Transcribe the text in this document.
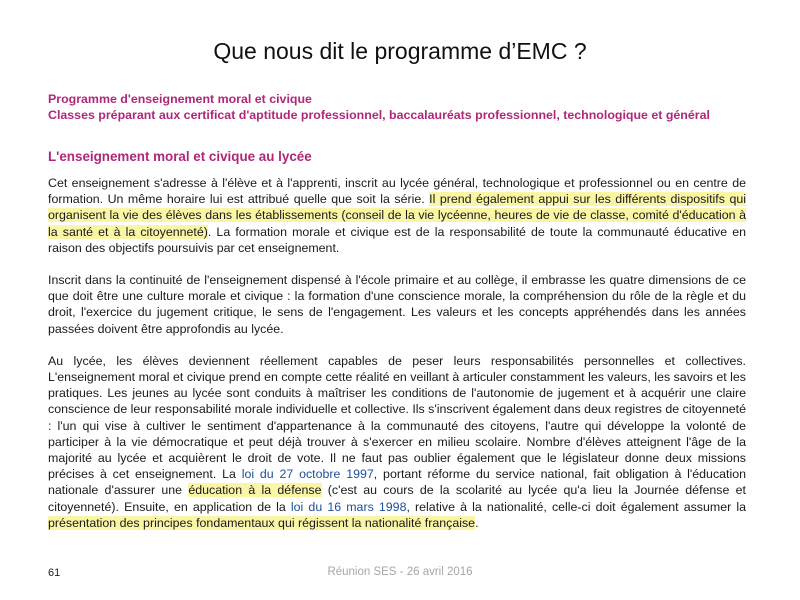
Que nous dit le programme d’EMC ?
Programme d'enseignement moral et civique
Classes préparant aux certificat d'aptitude professionnel, baccalauréats professionnel, technologique et général
L'enseignement moral et civique au lycée

Cet enseignement s'adresse à l'élève et à l'apprenti, inscrit au lycée général, technologique et professionnel ou en centre de formation. Un même horaire lui est attribué quelle que soit la série. Il prend également appui sur les différents dispositifs qui organisent la vie des élèves dans les établissements (conseil de la vie lycéenne, heures de vie de classe, comité d'éducation à la santé et à la citoyenneté). La formation morale et civique est de la responsabilité de toute la communauté éducative en raison des objectifs poursuivis par cet enseignement.

Inscrit dans la continuité de l'enseignement dispensé à l'école primaire et au collège, il embrasse les quatre dimensions de ce que doit être une culture morale et civique : la formation d'une conscience morale, la compréhension du rôle de la règle et du droit, l'exercice du jugement critique, le sens de l'engagement. Les valeurs et les concepts appréhendés dans les années passées doivent être approfondis au lycée.

Au lycée, les élèves deviennent réellement capables de peser leurs responsabilités personnelles et collectives. L'enseignement moral et civique prend en compte cette réalité en veillant à articuler constamment les valeurs, les savoirs et les pratiques. Les jeunes au lycée sont conduits à maîtriser les conditions de l'autonomie de jugement et à acquérir une claire conscience de leur responsabilité morale individuelle et collective. Ils s'inscrivent également dans deux registres de citoyenneté : l'un qui vise à cultiver le sentiment d'appartenance à la communauté des citoyens, l'autre qui développe la volonté de participer à la vie démocratique et peut déjà trouver à s'exercer en milieu scolaire. Nombre d'élèves atteignent l'âge de la majorité au lycée et acquièrent le droit de vote. Il ne faut pas oublier également que le législateur donne deux missions précises à cet enseignement. La loi du 27 octobre 1997, portant réforme du service national, fait obligation à l'éducation nationale d'assurer une éducation à la défense (c'est au cours de la scolarité au lycée qu'a lieu la Journée défense et citoyenneté). Ensuite, en application de la loi du 16 mars 1998, relative à la nationalité, celle-ci doit également assumer la présentation des principes fondamentaux qui régissent la nationalité française.

61	Réunion SES - 26 avril 2016
